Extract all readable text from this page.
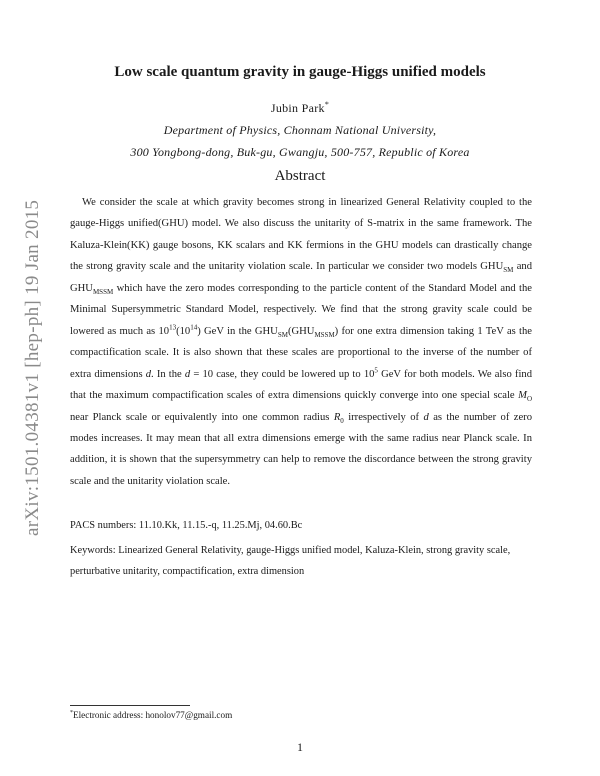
arXiv:1501.04381v1 [hep-ph] 19 Jan 2015
Low scale quantum gravity in gauge-Higgs unified models
Jubin Park*
Department of Physics, Chonnam National University,
300 Yongbong-dong, Buk-gu, Gwangju, 500-757, Republic of Korea
Abstract

We consider the scale at which gravity becomes strong in linearized General Relativity coupled to the gauge-Higgs unified(GHU) model. We also discuss the unitarity of S-matrix in the same framework. The Kaluza-Klein(KK) gauge bosons, KK scalars and KK fermions in the GHU models can drastically change the strong gravity scale and the unitarity violation scale. In particular we consider two models $GHU_{SM}$ and $GHU_{MSSM}$ which have the zero modes corresponding to the particle content of the Standard Model and the Minimal Supersymmetric Standard Model, respectively. We find that the strong gravity scale could be lowered as much as $10^{13}(10^{14})$ GeV in the $GHU_{SM}(GHU_{MSSM})$ for one extra dimension taking 1 TeV as the compactification scale. It is also shown that these scales are proportional to the inverse of the number of extra dimensions d. In the d = 10 case, they could be lowered up to $10^5$ GeV for both models. We also find that the maximum compactification scales of extra dimensions quickly converge into one special scale $M_O$ near Planck scale or equivalently into one common radius $R_0$ irrespectively of d as the number of zero modes increases. It may mean that all extra dimensions emerge with the same radius near Planck scale. In addition, it is shown that the supersymmetry can help to remove the discordance between the strong gravity scale and the unitarity violation scale.

PACS numbers: 11.10.Kk, 11.15.-q, 11.25.Mj, 04.60.Bc

Keywords: Linearized General Relativity, gauge-Higgs unified model, Kaluza-Klein, strong gravity scale, perturbative unitarity, compactification, extra dimension

*Electronic address: honolov77@gmail.com
1
